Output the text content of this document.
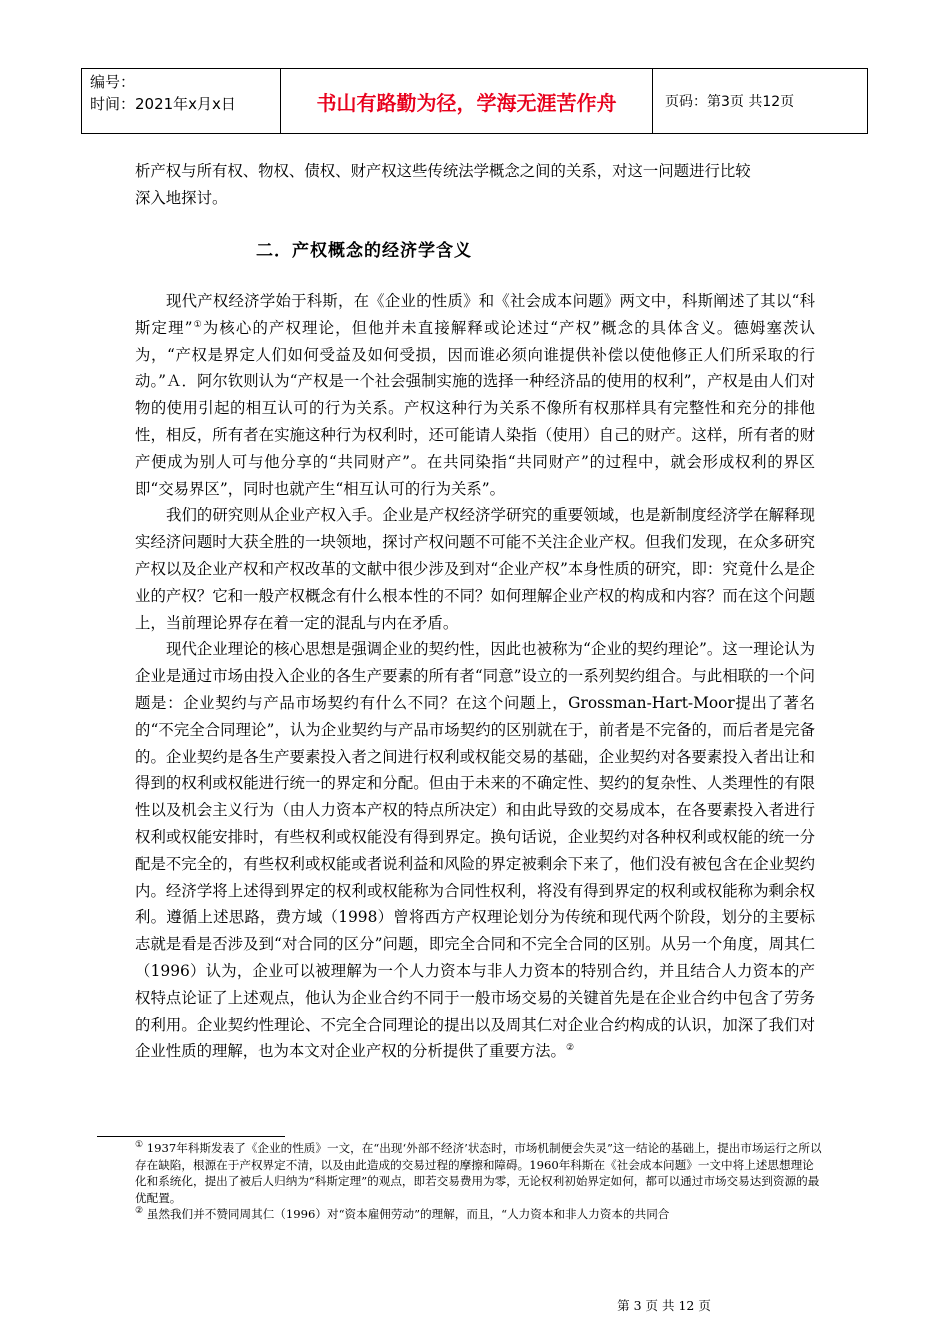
编号：
时间：2021年x月x日	书山有路勤为径，学海无涯苦作舟	页码：第3页 共12页

析产权与所有权、物权、债权、财产权这些传统法学概念之间的关系，对这一问题进行比较

深入地探讨。

二．产权概念的经济学含义

现代产权经济学始于科斯，在《企业的性质》和《社会成本问题》两文中，科斯阐述了其以“科斯定理”①为核心的产权理论，但他并未直接解释或论述过“产权”概念的具体含义。德姆塞茨认为，“产权是界定人们如何受益及如何受损，因而谁必须向谁提供补偿以使他修正人们所采取的行动。”Ａ．阿尔钦则认为“产权是一个社会强制实施的选择一种经济品的使用的权利”，产权是由人们对物的使用引起的相互认可的行为关系。产权这种行为关系不像所有权那样具有完整性和充分的排他性，相反，所有者在实施这种行为权利时，还可能请人染指（使用）自己的财产。这样，所有者的财产便成为别人可与他分享的“共同财产”。在共同染指“共同财产”的过程中，就会形成权利的界区即“交易界区”，同时也就产生“相互认可的行为关系”。

我们的研究则从企业产权入手。企业是产权经济学研究的重要领域，也是新制度经济学在解释现实经济问题时大获全胜的一块领地，探讨产权问题不可能不关注企业产权。但我们发现，在众多研究产权以及企业产权和产权改革的文献中很少涉及到对“企业产权”本身性质的研究，即：究竟什么是企业的产权？它和一般产权概念有什么根本性的不同？如何理解企业产权的构成和内容？而在这个问题上，当前理论界存在着一定的混乱与内在矛盾。

现代企业理论的核心思想是强调企业的契约性，因此也被称为“企业的契约理论”。这一理论认为企业是通过市场由投入企业的各生产要素的所有者“同意”设立的一系列契约组合。与此相联的一个问题是：企业契约与产品市场契约有什么不同？在这个问题上，Grossman-Hart-Moor提出了著名的“不完全合同理论”，认为企业契约与产品市场契约的区别就在于，前者是不完备的，而后者是完备的。企业契约是各生产要素投入者之间进行权利或权能交易的基础，企业契约对各要素投入者出让和得到的权利或权能进行统一的界定和分配。但由于未来的不确定性、契约的复杂性、人类理性的有限性以及机会主义行为（由人力资本产权的特点所决定）和由此导致的交易成本，在各要素投入者进行权利或权能安排时，有些权利或权能没有得到界定。换句话说，企业契约对各种权利或权能的统一分配是不完全的，有些权利或权能或者说利益和风险的界定被剩余下来了，他们没有被包含在企业契约内。经济学将上述得到界定的权利或权能称为合同性权利，将没有得到界定的权利或权能称为剩余权利。遵循上述思路，费方域（1998）曾将西方产权理论划分为传统和现代两个阶段，划分的主要标志就是看是否涉及到“对合同的区分”问题，即完全合同和不完全合同的区别。从另一个角度，周其仁（1996）认为，企业可以被理解为一个人力资本与非人力资本的特别合约，并且结合人力资本的产权特点论证了上述观点，他认为企业合约不同于一般市场交易的关键首先是在企业合约中包含了劳务的利用。企业契约性理论、不完全合同理论的提出以及周其仁对企业合约构成的认识，加深了我们对企业性质的理解，也为本文对企业产权的分析提供了重要方法。②

① 1937年科斯发表了《企业的性质》一文，在“出现‘外部不经济’状态时，市场机制便会失灵”这一结论的基础上，提出市场运行之所以存在缺陷，根源在于产权界定不清，以及由此造成的交易过程的摩擦和障碍。1960年科斯在《社会成本问题》一文中将上述思想理论化和系统化，提出了被后人归纳为“科斯定理”的观点，即若交易费用为零，无论权利初始界定如何，都可以通过市场交易达到资源的最优配置。

② 虽然我们并不赞同周其仁（1996）对“资本雇佣劳动”的理解，而且，“人力资本和非人力资本的共同合

第 3 页 共 12 页
